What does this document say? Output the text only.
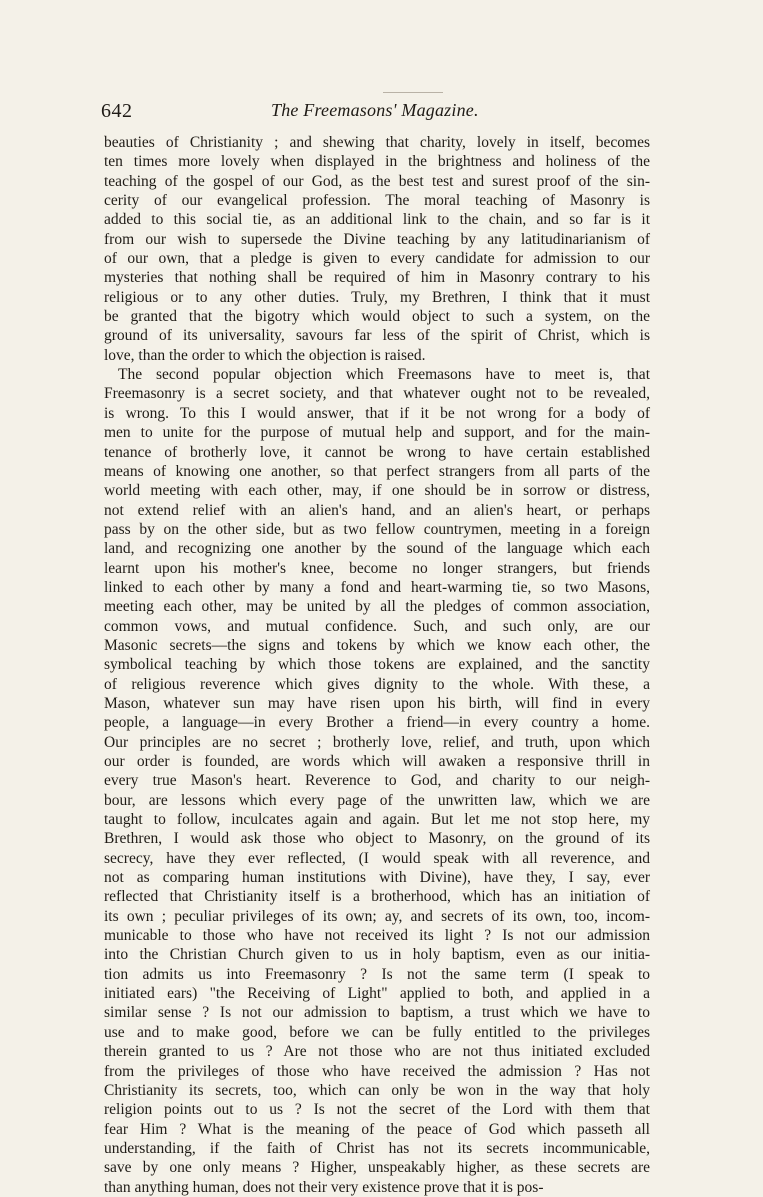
642	The Freemasons' Magazine.
beauties of Christianity ; and shewing that charity, lovely in itself, becomes
ten times more lovely when displayed in the brightness and holiness of the
teaching of the gospel of our God, as the best test and surest proof of the sin-
cerity of our evangelical profession. The moral teaching of Masonry is
added to this social tie, as an additional link to the chain, and so far is it
from our wish to supersede the Divine teaching by any latitudinarianism of
of our own, that a pledge is given to every candidate for admission to our
mysteries that nothing shall be required of him in Masonry contrary to his
religious or to any other duties. Truly, my Brethren, I think that it must
be granted that the bigotry which would object to such a system, on the
ground of its universality, savours far less of the spirit of Christ, which is
love, than the order to which the objection is raised.
The second popular objection which Freemasons have to meet is, that
Freemasonry is a secret society, and that whatever ought not to be revealed,
is wrong. To this I would answer, that if it be not wrong for a body of
men to unite for the purpose of mutual help and support, and for the main-
tenance of brotherly love, it cannot be wrong to have certain established
means of knowing one another, so that perfect strangers from all parts of the
world meeting with each other, may, if one should be in sorrow or distress,
not extend relief with an alien's hand, and an alien's heart, or perhaps
pass by on the other side, but as two fellow countrymen, meeting in a foreign
land, and recognizing one another by the sound of the language which each
learnt upon his mother's knee, become no longer strangers, but friends
linked to each other by many a fond and heart-warming tie, so two Masons,
meeting each other, may be united by all the pledges of common association,
common vows, and mutual confidence. Such, and such only, are our
Masonic secrets—the signs and tokens by which we know each other, the
symbolical teaching by which those tokens are explained, and the sanctity
of religious reverence which gives dignity to the whole. With these, a
Mason, whatever sun may have risen upon his birth, will find in every
people, a language—in every Brother a friend—in every country a home.
Our principles are no secret ; brotherly love, relief, and truth, upon which
our order is founded, are words which will awaken a responsive thrill in
every true Mason's heart. Reverence to God, and charity to our neigh-
bour, are lessons which every page of the unwritten law, which we are
taught to follow, inculcates again and again. But let me not stop here, my
Brethren, I would ask those who object to Masonry, on the ground of its
secrecy, have they ever reflected, (I would speak with all reverence, and
not as comparing human institutions with Divine), have they, I say, ever
reflected that Christianity itself is a brotherhood, which has an initiation of
its own ; peculiar privileges of its own; ay, and secrets of its own, too, incom-
municable to those who have not received its light ? Is not our admission
into the Christian Church given to us in holy baptism, even as our initia-
tion admits us into Freemasonry ? Is not the same term (I speak to
initiated ears) "the Receiving of Light" applied to both, and applied in a
similar sense ? Is not our admission to baptism, a trust which we have to
use and to make good, before we can be fully entitled to the privileges
therein granted to us ? Are not those who are not thus initiated excluded
from the privileges of those who have received the admission ? Has not
Christianity its secrets, too, which can only be won in the way that holy
religion points out to us ? Is not the secret of the Lord with them that
fear Him ? What is the meaning of the peace of God which passeth all
understanding, if the faith of Christ has not its secrets incommunicable,
save by one only means ? Higher, unspeakably higher, as these secrets are
than anything human, does not their very existence prove that it is pos-
